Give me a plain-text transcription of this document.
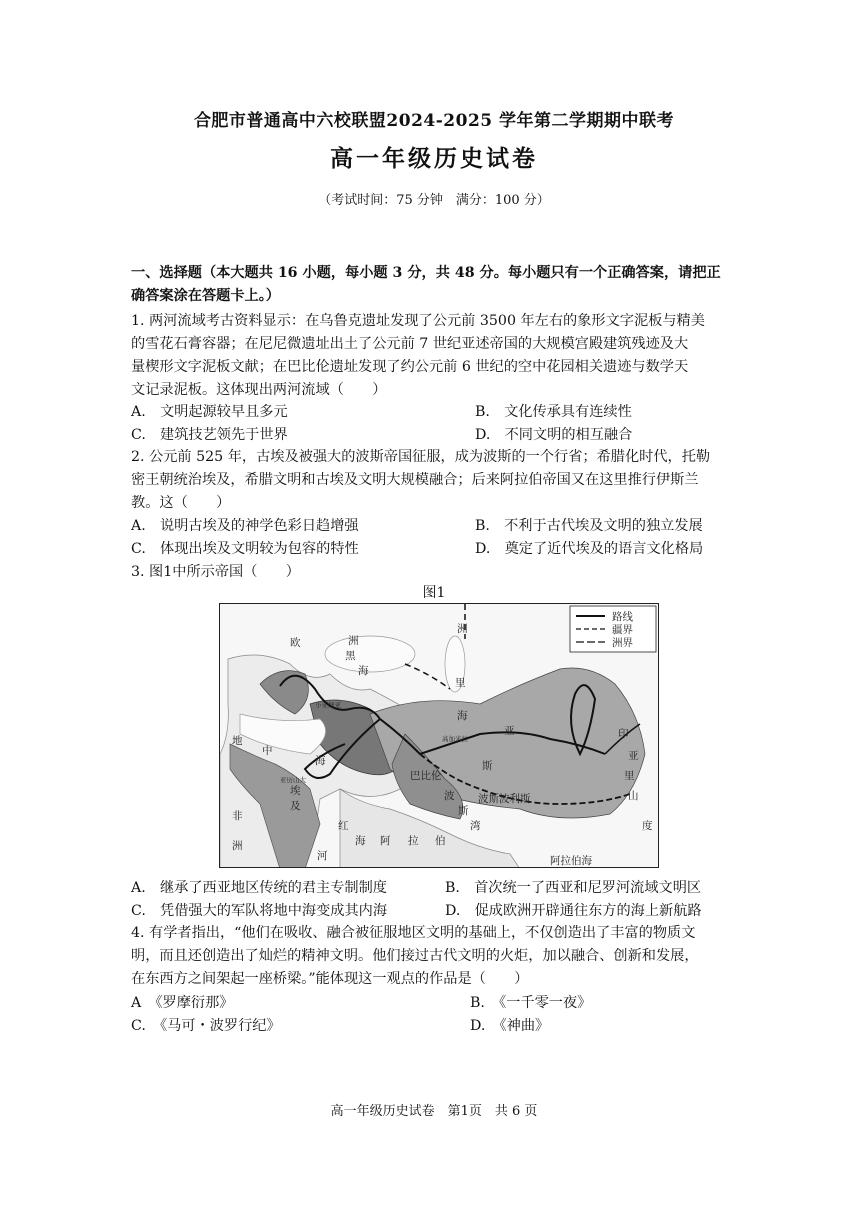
合肥市普通高中六校联盟2024-2025 学年第二学期期中联考
高一年级历史试卷
（考试时间：75 分钟　满分：100 分）
一、选择题（本大题共 16 小题，每小题 3 分，共 48 分。每小题只有一个正确答案，请把正
确答案涂在答题卡上。）
1. 两河流域考古资料显示：在乌鲁克遗址发现了公元前 3500 年左右的象形文字泥板与精美
的雪花石膏容器；在尼尼微遗址出土了公元前 7 世纪亚述帝国的大规模宫殿建筑残迹及大
量楔形文字泥板文献；在巴比伦遗址发现了约公元前 6 世纪的空中花园相关遗迹与数学天
文记录泥板。这体现出两河流域（　　）
A.　文明起源较早且多元	B.　文化传承具有连续性
C.　建筑技艺领先于世界	D.　不同文明的相互融合
2. 公元前 525 年，古埃及被强大的波斯帝国征服，成为波斯的一个行省；希腊化时代，托勒
密王朝统治埃及，希腊文明和古埃及文明大规模融合；后来阿拉伯帝国又在这里推行伊斯兰
教。这（　　）
A.　说明古埃及的神学色彩日趋增强	B.　不利于古代埃及文明的独立发展
C.　体现出埃及文明较为包容的特性	D.　奠定了近代埃及的语言文化格局
3. 图1中所示帝国（　　）
图1
路线
疆界
洲界
欧	洲
黑
海
里
海
地
中
海
亚
斯
印
度
非
洲
红
海
波
斯
湾
阿 拉 伯
阿拉伯海
巴比伦
波斯波利斯
洲
亚
里
山
河
埃
及
小亚细亚
亚历山大
高加米拉
A.　继承了西亚地区传统的君主专制制度	B.　首次统一了西亚和尼罗河流域文明区
C.　凭借强大的军队将地中海变成其内海	D.　促成欧洲开辟通往东方的海上新航路
4. 有学者指出，“他们在吸收、融合被征服地区文明的基础上，不仅创造出了丰富的物质文
明，而且还创造出了灿烂的精神文明。他们接过古代文明的火炬，加以融合、创新和发展，
在东西方之间架起一座桥梁。”能体现这一观点的作品是（　　）
A　《罗摩衍那》	B.　《一千零一夜》
C.　《马可・波罗行纪》	D.　《神曲》
高一年级历史试卷　第1页　共 6 页
